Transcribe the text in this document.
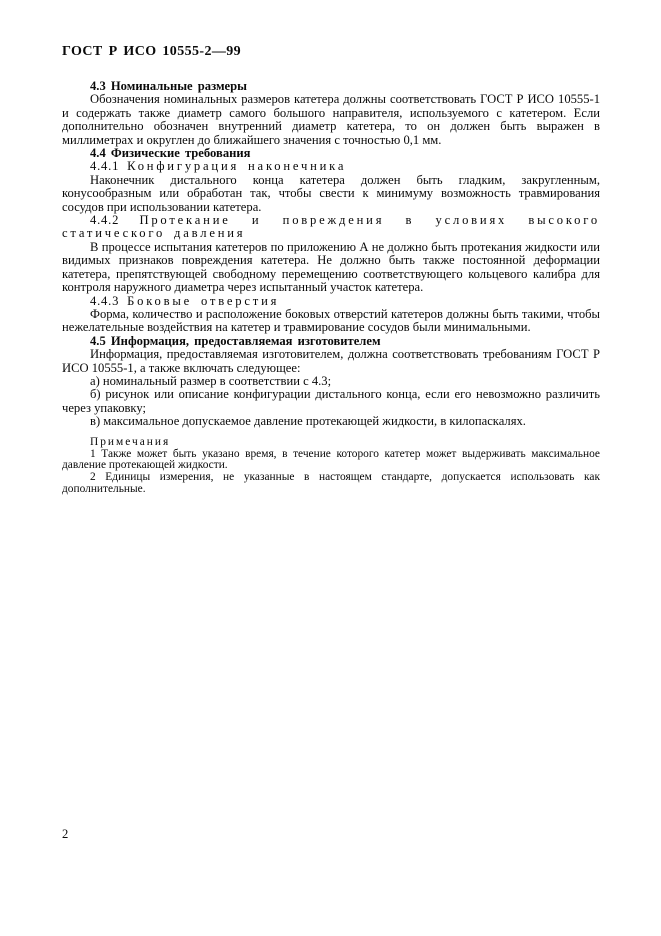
ГОСТ Р ИСО 10555-2—99

4.3 Номинальные размеры

Обозначения номинальных размеров катетера должны соответствовать ГОСТ Р ИСО 10555-1 и содержать также диаметр самого большого направителя, используемого с катетером. Если дополнительно обозначен внутренний диаметр катетера, то он должен быть выражен в миллиметрах и округлен до ближайшего значения с точностью 0,1 мм.

4.4 Физические требования

4.4.1 Конфигурация наконечника

Наконечник дистального конца катетера должен быть гладким, закругленным, конусообразным или обработан так, чтобы свести к минимуму возможность травмирования сосудов при использовании катетера.

4.4.2 Протекание и повреждения в условиях высокого статического давления

В процессе испытания катетеров по приложению А не должно быть протекания жидкости или видимых признаков повреждения катетера. Не должно быть также постоянной деформации катетера, препятствующей свободному перемещению соответствующего кольцевого калибра для контроля наружного диаметра через испытанный участок катетера.

4.4.3 Боковые отверстия

Форма, количество и расположение боковых отверстий катетеров должны быть такими, чтобы нежелательные воздействия на катетер и травмирование сосудов были минимальными.

4.5 Информация, предоставляемая изготовителем

Информация, предоставляемая изготовителем, должна соответствовать требованиям ГОСТ Р ИСО 10555-1, а также включать следующее:

а) номинальный размер в соответствии с 4.3;

б) рисунок или описание конфигурации дистального конца, если его невозможно различить через упаковку;

в) максимальное допускаемое давление протекающей жидкости, в килопаскалях.

Примечания

1 Также может быть указано время, в течение которого катетер может выдерживать максимальное давление протекающей жидкости.

2 Единицы измерения, не указанные в настоящем стандарте, допускается использовать как дополнительные.

2
